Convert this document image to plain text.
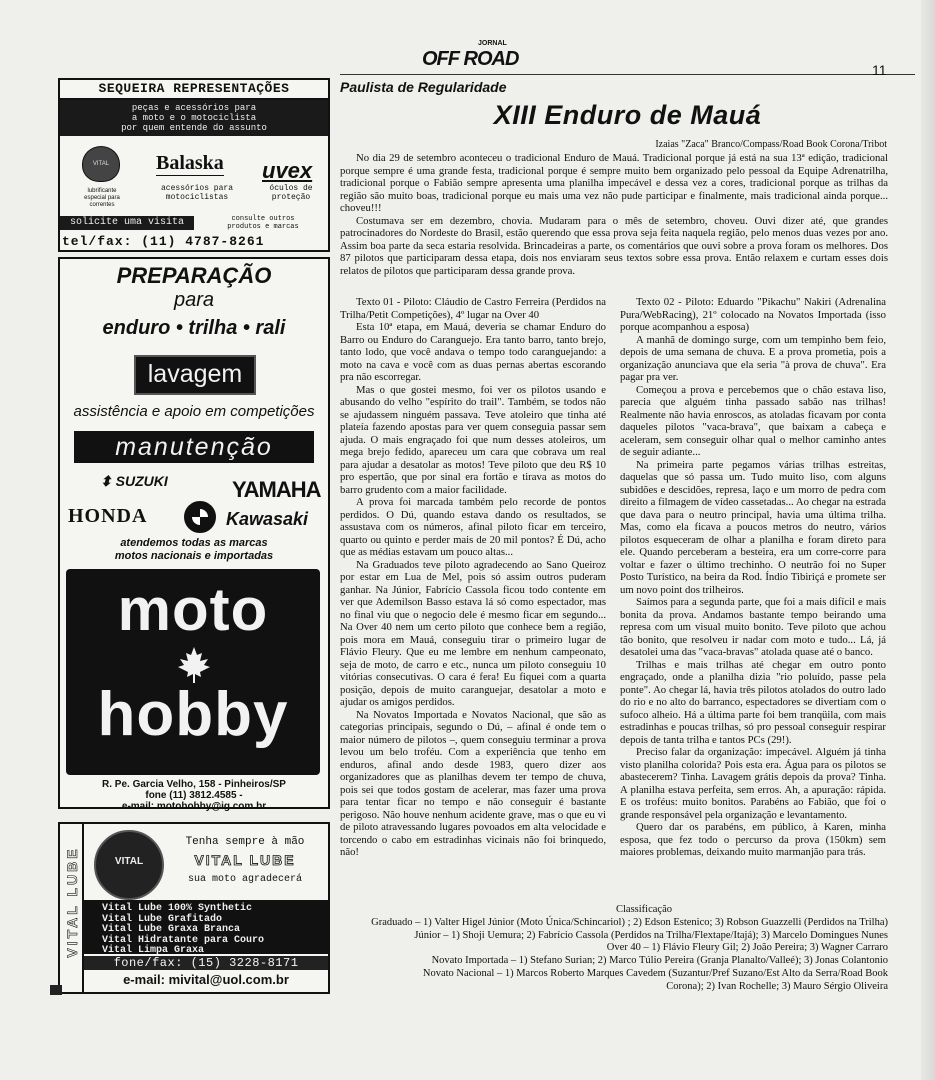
JORNAL
OFF ROAD	11
SEQUEIRA REPRESENTAÇÕES
peças e acessórios para
a moto e o motociclista
por quem entende do assunto
VITAL
lubrificante
especial para
correntes
Balaska
acessórios para
motociclistas
uvex
óculos de
proteção
solicite uma visita	consulte outros
produtos e marcas
tel/fax: (11) 4787-8261
PREPARAÇÃO
para
enduro • trilha • rali
lavagem
assistência e apoio em competições
manutenção
⬍ SUZUKI	YAMAHA
HONDA	Kawasaki
atendemos todas as marcas
motos nacionais e importadas
moto
hobby
R. Pe. Garcia Velho, 158 - Pinheiros/SP
fone (11) 3812.4585 -
e-mail: motohobby@ig.com.br
VITAL LUBE	VITAL
Tenha sempre à mão
VITAL LUBE
sua moto agradecerá
Vital Lube 100% Synthetic
Vital Lube Grafitado
Vital Lube Graxa Branca
Vital Hidratante para Couro
Vital Limpa Graxa
fone/fax: (15) 3228-8171
e-mail: mivital@uol.com.br
Paulista de Regularidade
XIII Enduro de Mauá
Izaias "Zaca" Branco/Compass/Road Book Corona/Tribot

No dia 29 de setembro aconteceu o tradicional Enduro de Mauá. Tradicional porque já está na sua 13ª edição, tradicional porque sempre é uma grande festa, tradicional porque é sempre muito bem organizado pelo pessoal da Equipe Adrenatrilha, tradicional porque o Fabião sempre apresenta uma planilha impecável e dessa vez a cores, tradicional porque as trilhas da região são muito boas, tradicional porque eu mais uma vez não pude participar e finalmente, mais tradicional ainda porque... choveu!!!

Costumava ser em dezembro, chovia. Mudaram para o mês de setembro, choveu. Ouvi dizer até, que grandes patrocinadores do Nordeste do Brasil, estão querendo que essa prova seja feita naquela região, pelo menos duas vezes por ano. Assim boa parte da seca estaria resolvida. Brincadeiras a parte, os comentários que ouvi sobre a prova foram os melhores. Dos 87 pilotos que participaram dessa etapa, dois nos enviaram seus textos sobre essa prova. Então relaxem e curtam esses dois relatos de pilotos que participaram dessa grande prova.

Texto 01 - Piloto: Cláudio de Castro Ferreira (Perdidos na Trilha/Petit Competições), 4º lugar na Over 40

Esta 10ª etapa, em Mauá, deveria se chamar Enduro do Barro ou Enduro do Caranguejo. Era tanto barro, tanto brejo, tanto lodo, que você andava o tempo todo caranguejando: a moto na cava e você com as duas pernas abertas escorando pra não escorregar.

Mas o que gostei mesmo, foi ver os pilotos usando e abusando do velho "espírito do trail". Também, se todos não se ajudassem ninguém passava. Teve atoleiro que tinha até plateía fazendo apostas para ver quem conseguia passar sem ajuda. O mais engraçado foi que num desses atoleiros, um mega brejo fedido, apareceu um cara que cobrava um real para ajudar a desatolar as motos! Teve piloto que deu R$ 10 pro espertão, que por sinal era fortão e tirava as motos do barro grudento com a maior facilidade.

A prova foi marcada também pelo recorde de pontos perdidos. O Dú, quando estava dando os resultados, se assustava com os números, afinal piloto ficar em terceiro, quarto ou quinto e perder mais de 20 mil pontos? É Dú, acho que as médias estavam um pouco altas...

Na Graduados teve piloto agradecendo ao Sano Queiroz por estar em Lua de Mel, pois só assim outros puderam ganhar. Na Júnior, Fabrício Cassola ficou todo contente em ver que Ademilson Basso estava lá só como espectador, mas no final viu que o negocio dele é mesmo ficar em segundo... Na Over 40 nem um certo piloto que conhece bem a região, pois mora em Mauá, conseguiu tirar o primeiro lugar de Flávio Fleury. Que eu me lembre em nenhum campeonato, seja de moto, de carro e etc., nunca um piloto conseguiu 10 vitórias consecutivas. O cara é fera! Eu fiquei com a quarta posição, depois de muito caranguejar, desatolar a moto e ajudar os amigos perdidos.

Na Novatos Importada e Novatos Nacional, que são as categorias principais, segundo o Dú, – afinal é onde tem o maior número de pilotos –, quem conseguiu terminar a prova levou um belo troféu. Com a experiência que tenho em enduros, afinal ando desde 1983, quero dizer aos organizadores que as planilhas devem ter tempo de chuva, pois sei que todos gostam de acelerar, mas fazer uma prova para tentar ficar no tempo e não conseguir é bastante perigoso. Não houve nenhum acidente grave, mas o que eu vi de piloto atravessando lugares povoados em alta velocidade e torcendo o cabo em estradinhas vicinais não foi brinquedo, não!

Texto 02 - Piloto: Eduardo "Pikachu" Nakiri (Adrenalina Pura/WebRacing), 21º colocado na Novatos Importada (isso porque acompanhou a esposa)

A manhã de domingo surge, com um tempinho bem feio, depois de uma semana de chuva. E a prova prometia, pois a organização anunciava que ela seria "à prova de chuva". Era pagar pra ver.

Começou a prova e percebemos que o chão estava liso, parecia que alguém tinha passado sabão nas trilhas! Realmente não havia enroscos, as atoladas ficavam por conta daqueles pilotos "vaca-brava", que baixam a cabeça e aceleram, sem conseguir olhar qual o melhor caminho antes de seguir adiante...

Na primeira parte pegamos várias trilhas estreitas, daquelas que só passa um. Tudo muito liso, com alguns subidões e descidões, represa, laço e um morro de pedra com direito a filmagem de vídeo cassetadas... Ao chegar na estrada que dava para o neutro principal, havia uma última trilha. Mas, como ela ficava a poucos metros do neutro, vários pilotos esqueceram de olhar a planilha e foram direto para ele. Quando perceberam a besteira, era um corre-corre para voltar e fazer o último trechinho. O neutrão foi no Super Posto Turístico, na beira da Rod. Índio Tibiriçá e promete ser um novo point dos trilheiros.

Saímos para a segunda parte, que foi a mais difícil e mais bonita da prova. Andamos bastante tempo beirando uma represa com um visual muito bonito. Teve piloto que achou tão bonito, que resolveu ir nadar com moto e tudo... Lá, já desatolei uma das "vaca-bravas" atolada quase até o banco.

Trilhas e mais trilhas até chegar em outro ponto engraçado, onde a planilha dizia "rio poluído, passe pela ponte". Ao chegar lá, havia três pilotos atolados do outro lado do rio e no alto do barranco, espectadores se divertiam com o sufoco alheio. Há a última parte foi bem tranqüila, com mais estradinhas e poucas trilhas, só pro pessoal conseguir respirar depois de tanta trilha e tantos PCs (29!).

Preciso falar da organização: impecável. Alguém já tinha visto planilha colorida? Pois esta era. Água para os pilotos se abastecerem? Tinha. Lavagem grátis depois da prova? Tinha. A planilha estava perfeita, sem erros. Ah, a apuração: rápida. E os troféus: muito bonitos. Parabéns ao Fabião, que foi o grande responsável pela organização e levantamento.

Quero dar os parabéns, em público, à Karen, minha esposa, que fez todo o percurso da prova (150km) sem maiores problemas, deixando muito marmanjão para trás.

Classificação
Graduado – 1) Valter Higel Júnior (Moto Única/Schincariol) ; 2) Edson Estenico; 3) Robson Guazzelli (Perdidos na Trilha)
Júnior – 1) Shoji Uemura; 2) Fabrício Cassola (Perdidos na Trilha/Flextape/Itajá); 3) Marcelo Domingues Nunes
Over 40 – 1) Flávio Fleury Gil; 2) João Pereira; 3) Wagner Carraro
Novato Importada – 1) Stefano Surian; 2) Marco Túlio Pereira (Granja Planalto/Valleé); 3) Jonas Colantonio
Novato Nacional – 1) Marcos Roberto Marques Cavedem (Suzantur/Pref Suzano/Est Alto da Serra/Road Book
Corona); 2) Ivan Rochelle; 3) Mauro Sérgio Oliveira
